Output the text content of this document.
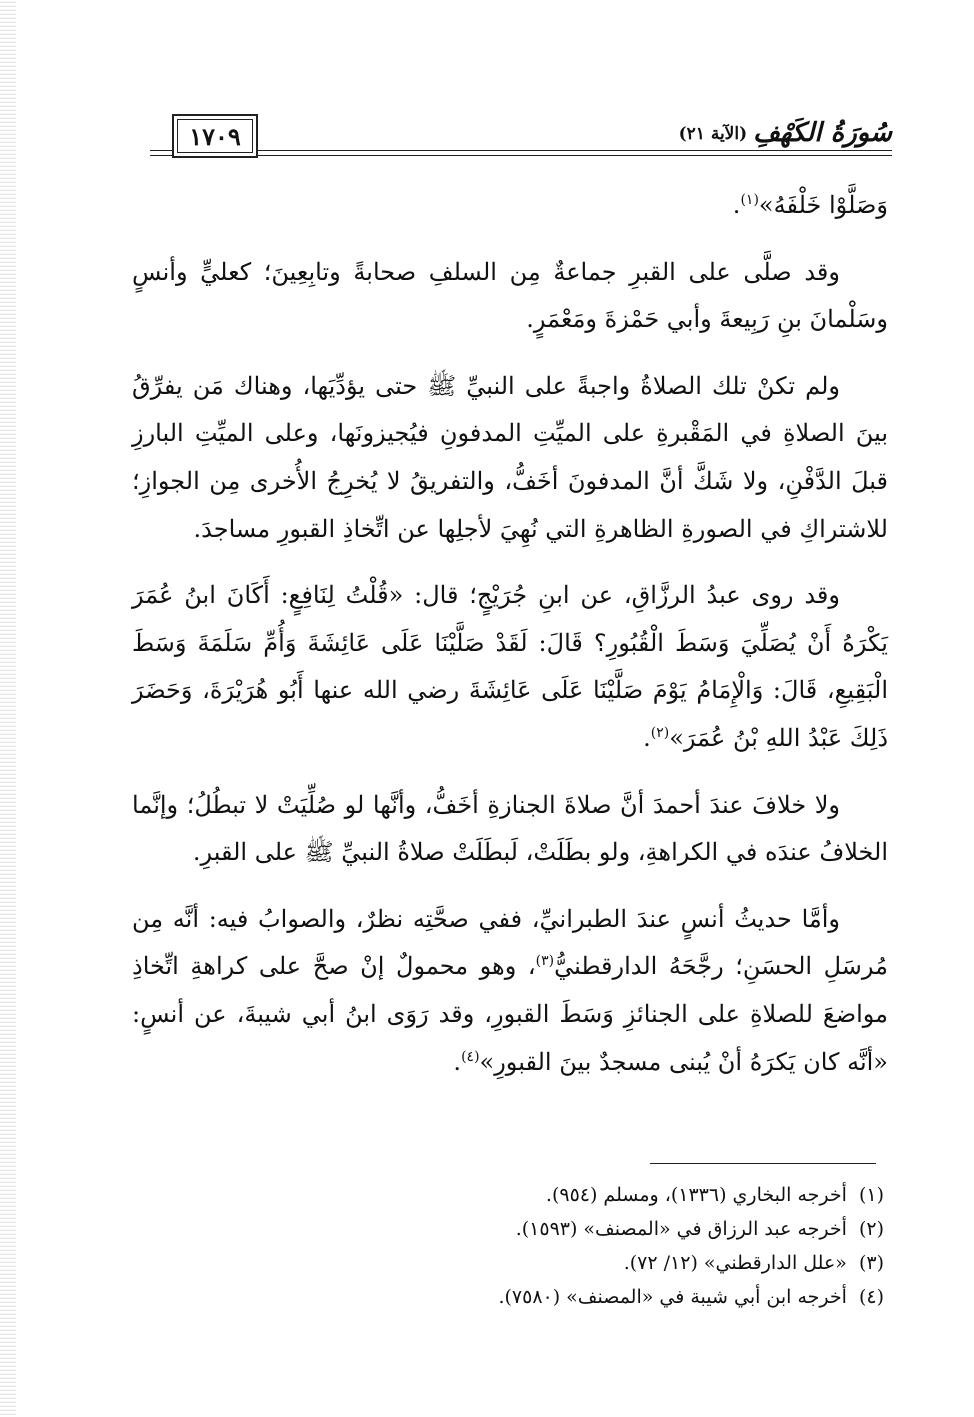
١٧٠٩	سُورَةُ الكَهْفِ
(الآية ٢١)

وَصَلَّوْا خَلْفَهُ»$^{(١)}$.

وقد صلَّى على القبرِ جماعةٌ مِن السلفِ صحابةً وتابِعِينَ؛ كعليٍّ وأنسٍ وسَلْمانَ بنِ رَبِيعةَ وأبي حَمْزةَ ومَعْمَرٍ.

ولم تكنْ تلك الصلاةُ واجبةً على النبيِّ ﷺ حتى يؤدِّيَها، وهناك مَن يفرِّقُ بينَ الصلاةِ في المَقْبرةِ على الميِّتِ المدفونِ فيُجيزونَها، وعلى الميِّتِ البارزِ قبلَ الدَّفْنِ، ولا شَكَّ أنَّ المدفونَ أخَفُّ، والتفريقُ لا يُخرِجُ الأُخرى مِن الجوازِ؛ للاشتراكِ في الصورةِ الظاهرةِ التي نُهِيَ لأجلِها عن اتِّخاذِ القبورِ مساجدَ.

وقد روى عبدُ الرزَّاقِ، عن ابنِ جُرَيْجٍ؛ قال: «قُلْتُ لِنَافِعٍ: أَكَانَ ابنُ عُمَرَ يَكْرَهُ أَنْ يُصَلِّيَ وَسَطَ الْقُبُورِ؟ قَالَ: لَقَدْ صَلَّيْنَا عَلَى عَائِشَةَ وَأُمِّ سَلَمَةَ وَسَطَ الْبَقِيعِ، قَالَ: وَالْإِمَامُ يَوْمَ صَلَّيْنَا عَلَى عَائِشَةَ رضي الله عنها أَبُو هُرَيْرَةَ، وَحَضَرَ ذَلِكَ عَبْدُ اللهِ بْنُ عُمَرَ»$^{(٢)}$.

ولا خلافَ عندَ أحمدَ أنَّ صلاةَ الجنازةِ أخَفُّ، وأنَّها لو صُلِّيَتْ لا تبطُلُ؛ وإنَّما الخلافُ عندَه في الكراهةِ، ولو بطَلَتْ، لَبطَلَتْ صلاةُ النبيِّ ﷺ على القبرِ.

وأمَّا حديثُ أنسٍ عندَ الطبرانيِّ، ففي صحَّتِه نظرٌ، والصوابُ فيه: أنَّه مِن مُرسَلِ الحسَنِ؛ رجَّحَهُ الدارقطنيُّ$^{(٣)}$، وهو محمولٌ إنْ صحَّ على كراهةِ اتِّخاذِ مواضعَ للصلاةِ على الجنائزِ وَسَطَ القبورِ، وقد رَوَى ابنُ أبي شيبةَ، عن أنسٍ: «أنَّه كان يَكرَهُ أنْ يُبنى مسجدٌ بينَ القبورِ»$^{(٤)}$.

(١)
أخرجه البخاري (١٣٣٦)، ومسلم (٩٥٤).
(٢)
أخرجه عبد الرزاق في «المصنف» (١٥٩٣).
(٣)
«علل الدارقطني» (١٢/ ٧٢).
(٤)
أخرجه ابن أبي شيبة في «المصنف» (٧٥٨٠).
